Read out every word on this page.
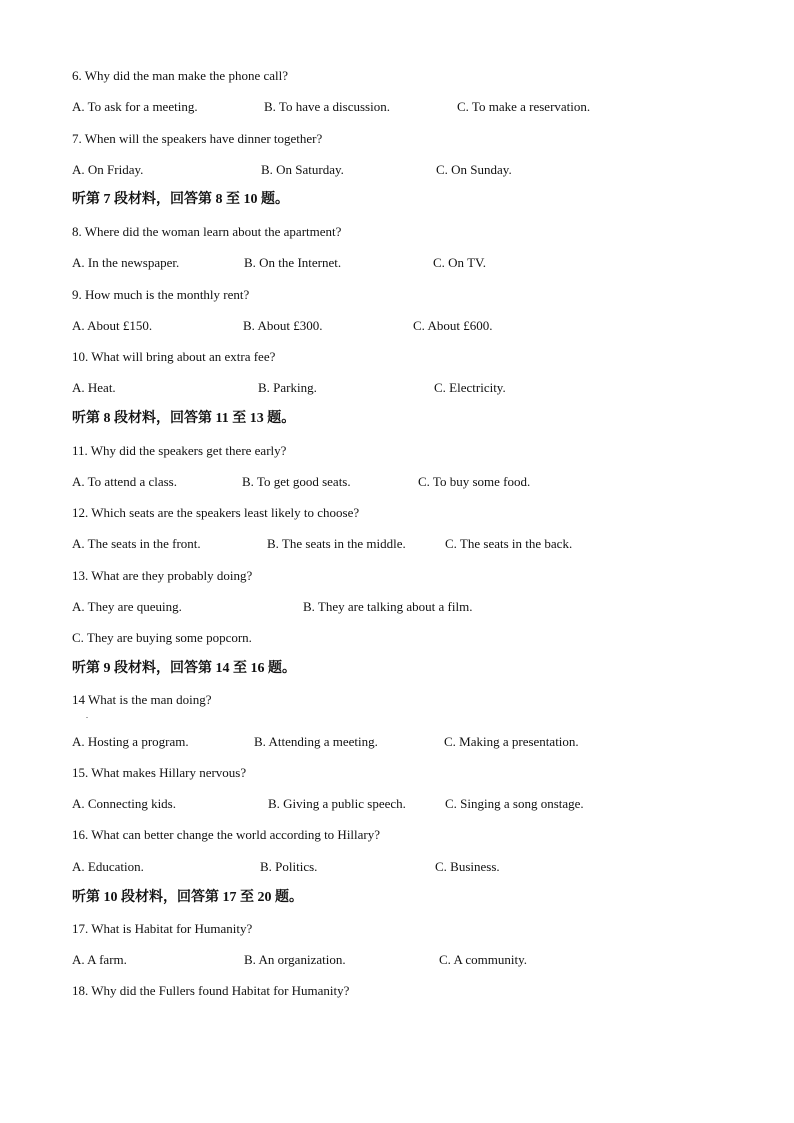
6. Why did the man make the phone call?
A. To ask for a meeting.	B. To have a discussion.	C. To make a reservation.
7. When will the speakers have dinner together?
A. On Friday.	B. On Saturday.	C. On Sunday.
听第 7 段材料，回答第 8 至 10 题。
8. Where did the woman learn about the apartment?
A. In the newspaper.	B. On the Internet.	C. On TV.
9. How much is the monthly rent?
A. About £150.	B. About £300.	C. About £600.
10. What will bring about an extra fee?
A. Heat.	B. Parking.	C. Electricity.
听第 8 段材料，回答第 11 至 13 题。
11. Why did the speakers get there early?
A. To attend a class.	B. To get good seats.	C. To buy some food.
12. Which seats are the speakers least likely to choose?
A. The seats in the front.	B. The seats in the middle.	C. The seats in the back.
13. What are they probably doing?
A. They are queuing.	B. They are talking about a film.
C. They are buying some popcorn.
听第 9 段材料，回答第 14 至 16 题。
14 What is the man doing?
.
A. Hosting a program.	B. Attending a meeting.	C. Making a presentation.
15. What makes Hillary nervous?
A. Connecting kids.	B. Giving a public speech.	C. Singing a song onstage.
16. What can better change the world according to Hillary?
A. Education.	B. Politics.	C. Business.
听第 10 段材料，回答第 17 至 20 题。
17. What is Habitat for Humanity?
A. A farm.	B. An organization.	C. A community.
18. Why did the Fullers found Habitat for Humanity?
